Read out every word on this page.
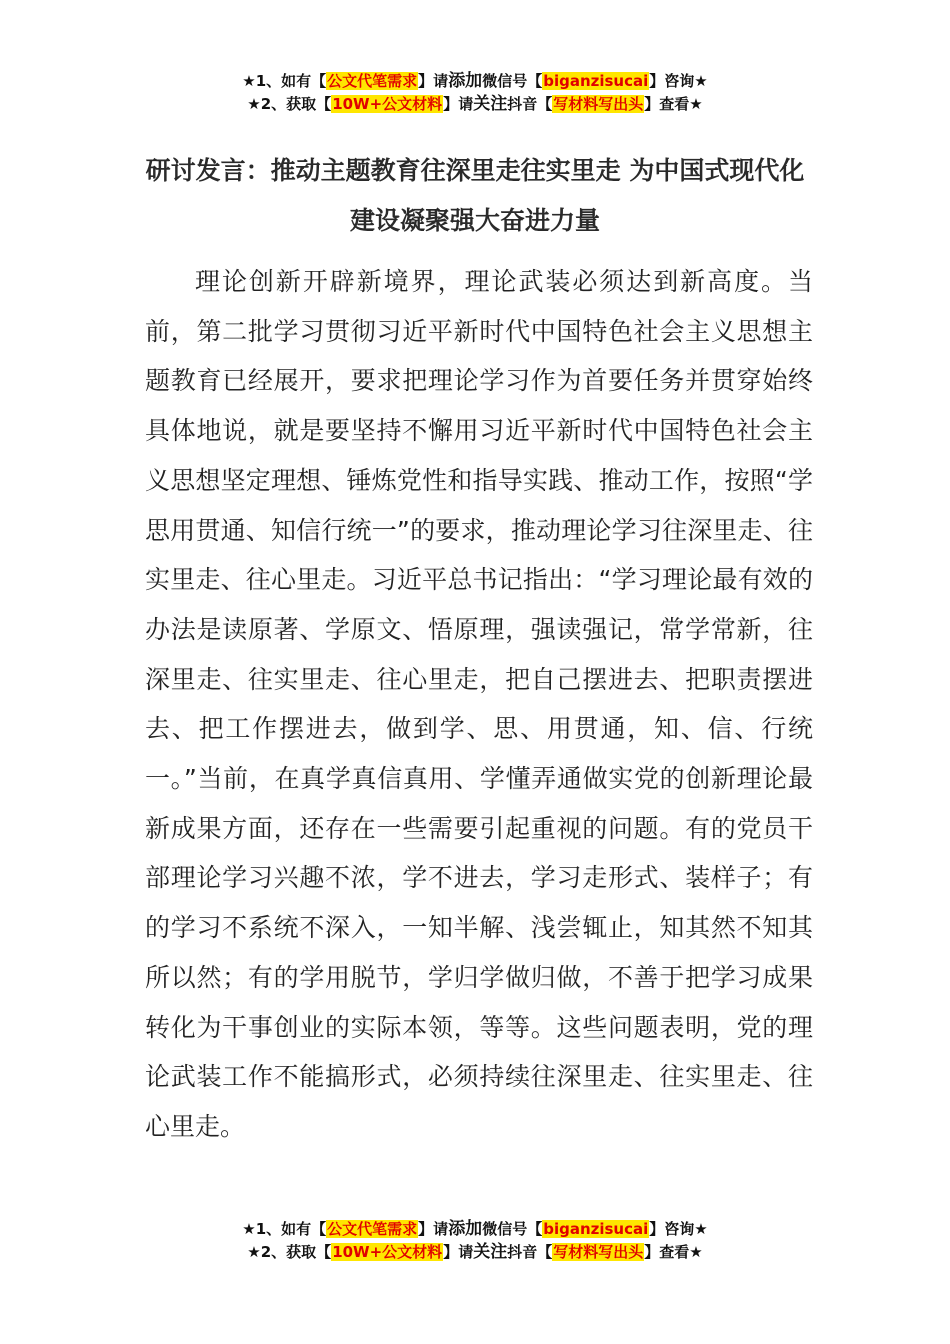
★1、如有【公文代笔需求】请添加微信号【biganzisucai】咨询★
★2、获取【10W+公文材料】请关注抖音【写材料写出头】查看★
研讨发言：推动主题教育往深里走往实里走 为中国式现代化建设凝聚强大奋进力量

理论创新开辟新境界，理论武装必须达到新高度。当前，第二批学习贯彻习近平新时代中国特色社会主义思想主题教育已经展开，要求把理论学习作为首要任务并贯穿始终具体地说，就是要坚持不懈用习近平新时代中国特色社会主义思想坚定理想、锤炼党性和指导实践、推动工作，按照“学思用贯通、知信行统一”的要求，推动理论学习往深里走、往实里走、往心里走。习近平总书记指出：“学习理论最有效的办法是读原著、学原文、悟原理，强读强记，常学常新，往深里走、往实里走、往心里走，把自己摆进去、把职责摆进去、把工作摆进去，做到学、思、用贯通，知、信、行统一。”当前，在真学真信真用、学懂弄通做实党的创新理论最新成果方面，还存在一些需要引起重视的问题。有的党员干部理论学习兴趣不浓，学不进去，学习走形式、装样子；有的学习不系统不深入，一知半解、浅尝辄止，知其然不知其所以然；有的学用脱节，学归学做归做，不善于把学习成果转化为干事创业的实际本领，等等。这些问题表明，党的理论武装工作不能搞形式，必须持续往深里走、往实里走、往心里走。

★1、如有【公文代笔需求】请添加微信号【biganzisucai】咨询★
★2、获取【10W+公文材料】请关注抖音【写材料写出头】查看★
